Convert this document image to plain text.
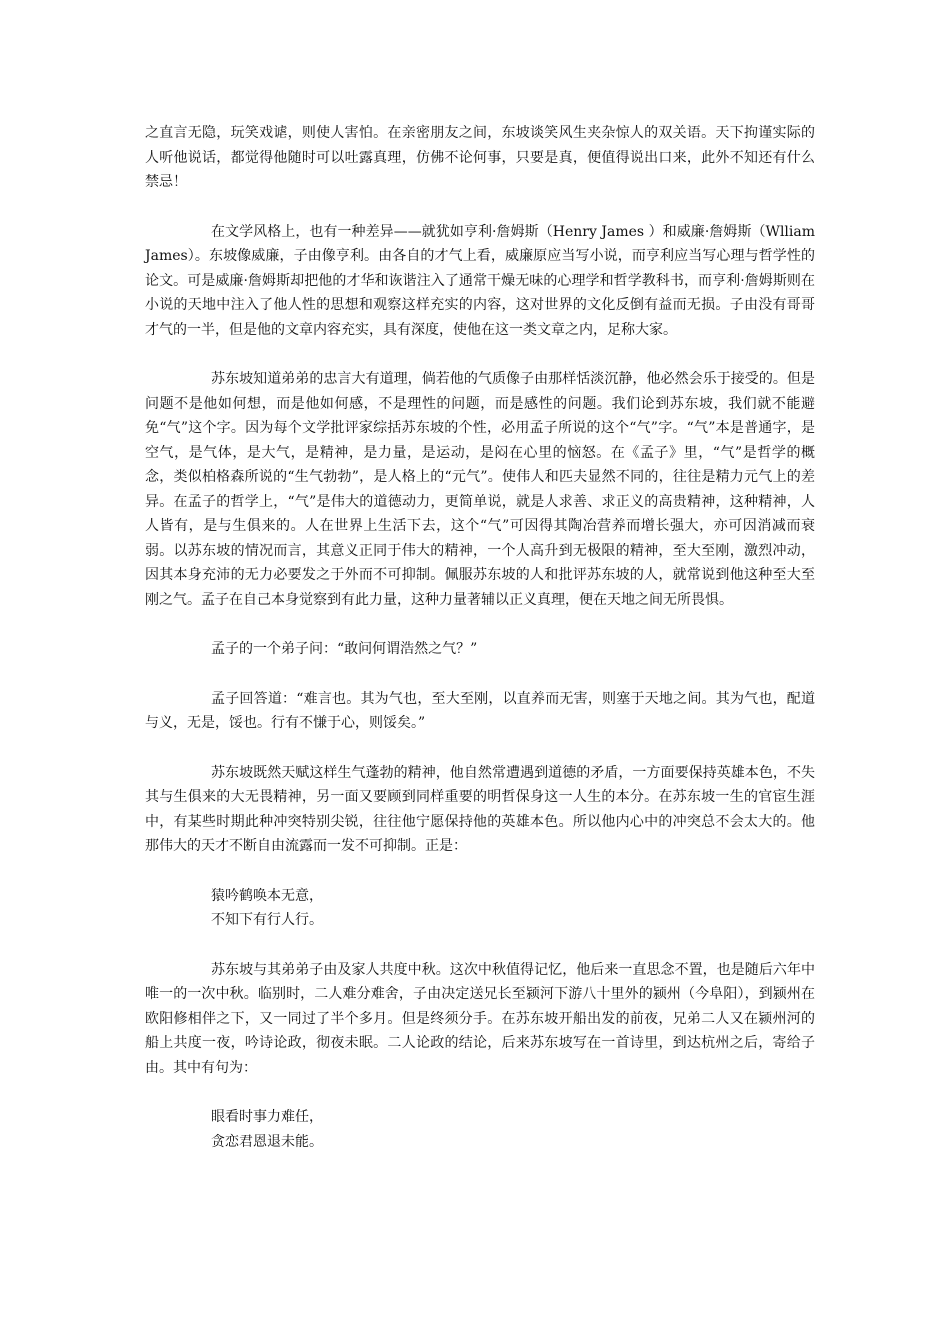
之直言无隐，玩笑戏谑，则使人害怕。在亲密朋友之间，东坡谈笑风生夹杂惊人的双关语。天下拘谨实际的人听他说话，都觉得他随时可以吐露真理，仿佛不论何事，只要是真，便值得说出口来，此外不知还有什么禁忌！

在文学风格上，也有一种差异——就犹如亨利·詹姆斯（Henry James ）和威廉·詹姆斯（Wlliam James）。东坡像威廉，子由像亨利。由各自的才气上看，威廉原应当写小说，而亨利应当写心理与哲学性的论文。可是威廉·詹姆斯却把他的才华和诙谐注入了通常干燥无味的心理学和哲学教科书，而亨利·詹姆斯则在小说的天地中注入了他人性的思想和观察这样充实的内容，这对世界的文化反倒有益而无损。子由没有哥哥才气的一半，但是他的文章内容充实，具有深度，使他在这一类文章之内，足称大家。

苏东坡知道弟弟的忠言大有道理，倘若他的气质像子由那样恬淡沉静，他必然会乐于接受的。但是问题不是他如何想，而是他如何感，不是理性的问题，而是感性的问题。我们论到苏东坡，我们就不能避免“气”这个字。因为每个文学批评家综括苏东坡的个性，必用孟子所说的这个“气”字。“气”本是普通字，是空气，是气体，是大气，是精神，是力量，是运动，是闷在心里的恼怒。在《孟子》里，“气”是哲学的概念，类似柏格森所说的“生气勃勃”，是人格上的“元气”。使伟人和匹夫显然不同的，往往是精力元气上的差异。在孟子的哲学上，“气”是伟大的道德动力，更简单说，就是人求善、求正义的高贵精神，这种精神，人人皆有，是与生俱来的。人在世界上生活下去，这个“气”可因得其陶冶营养而增长强大，亦可因消减而衰弱。以苏东坡的情况而言，其意义正同于伟大的精神，一个人高升到无极限的精神，至大至刚，激烈冲动，因其本身充沛的无力必要发之于外而不可抑制。佩服苏东坡的人和批评苏东坡的人，就常说到他这种至大至刚之气。孟子在自己本身觉察到有此力量，这种力量著辅以正义真理，便在天地之间无所畏惧。

孟子的一个弟子问：“敢问何谓浩然之气？”

孟子回答道：“难言也。其为气也，至大至刚，以直养而无害，则塞于天地之间。其为气也，配道与义，无是，馁也。行有不慊于心，则馁矣。”

苏东坡既然天赋这样生气蓬勃的精神，他自然常遭遇到道德的矛盾，一方面要保持英雄本色，不失其与生俱来的大无畏精神，另一面又要顾到同样重要的明哲保身这一人生的本分。在苏东坡一生的官宦生涯中，有某些时期此种冲突特别尖锐，往往他宁愿保持他的英雄本色。所以他内心中的冲突总不会太大的。他那伟大的天才不断自由流露而一发不可抑制。正是：

猿吟鹤唤本无意，
不知下有行人行。

苏东坡与其弟弟子由及家人共度中秋。这次中秋值得记忆，他后来一直思念不置，也是随后六年中唯一的一次中秋。临别时，二人难分难舍，子由决定送兄长至颍河下游八十里外的颍州（今阜阳），到颍州在欧阳修相伴之下，又一同过了半个多月。但是终须分手。在苏东坡开船出发的前夜，兄弟二人又在颍州河的船上共度一夜，吟诗论政，彻夜未眠。二人论政的结论，后来苏东坡写在一首诗里，到达杭州之后，寄给子由。其中有句为：

眼看时事力难任，
贪恋君恩退未能。
